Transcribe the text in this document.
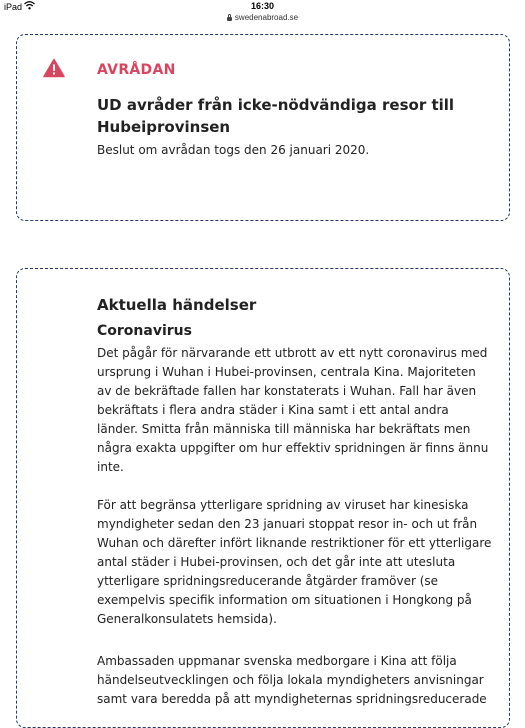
iPad	16:30
swedenabroad.se
AVRÅDAN
UD avråder från icke-nödvändiga resor till Hubeiprovinsen
Beslut om avrådan togs den 26 januari 2020.
Aktuella händelser
Coronavirus

Det pågår för närvarande ett utbrott av ett nytt coronavirus med ursprung i Wuhan i Hubei-provinsen, centrala Kina. Majoriteten av de bekräftade fallen har konstaterats i Wuhan. Fall har även bekräftats i flera andra städer i Kina samt i ett antal andra länder. Smitta från människa till människa har bekräftats men några exakta uppgifter om hur effektiv spridningen är finns ännu inte.

För att begränsa ytterligare spridning av viruset har kinesiska myndigheter sedan den 23 januari stoppat resor in- och ut från Wuhan och därefter infört liknande restriktioner för ett ytterligare antal städer i Hubei-provinsen, och det går inte att utesluta ytterligare spridningsreducerande åtgärder framöver (se exempelvis specifik information om situationen i Hongkong på Generalkonsulatets hemsida).

Ambassaden uppmanar svenska medborgare i Kina att följa händelseutvecklingen och följa lokala myndigheters anvisningar samt vara beredda på att myndigheternas spridningsreducerade
